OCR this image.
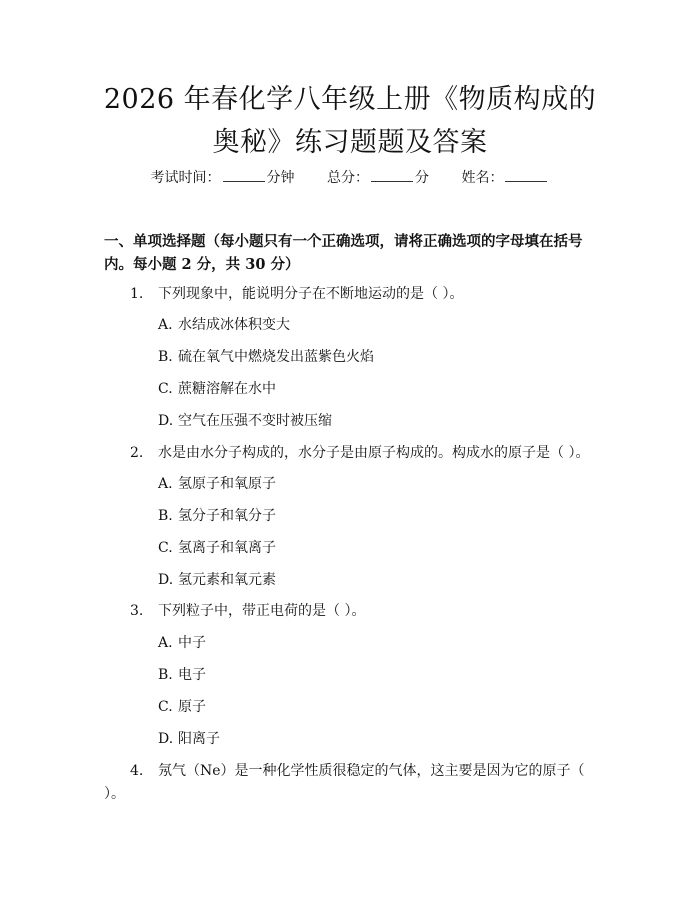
2026 年春化学八年级上册《物质构成的奥秘》练习题题及答案
考试时间：	分钟 总分：	分 姓名：
一、单项选择题（每小题只有一个正确选项，请将正确选项的字母填在括号内。每小题 2 分，共 30 分）
1. 下列现象中，能说明分子在不断地运动的是（ ）。
A. 水结成冰体积变大
B. 硫在氧气中燃烧发出蓝紫色火焰
C. 蔗糖溶解在水中
D. 空气在压强不变时被压缩
2. 水是由水分子构成的，水分子是由原子构成的。构成水的原子是（ ）。
A. 氢原子和氧原子
B. 氢分子和氧分子
C. 氢离子和氧离子
D. 氢元素和氧元素
3. 下列粒子中，带正电荷的是（ ）。
A. 中子
B. 电子
C. 原子
D. 阳离子
4. 氖气（Ne）是一种化学性质很稳定的气体，这主要是因为它的原子（ ）。
